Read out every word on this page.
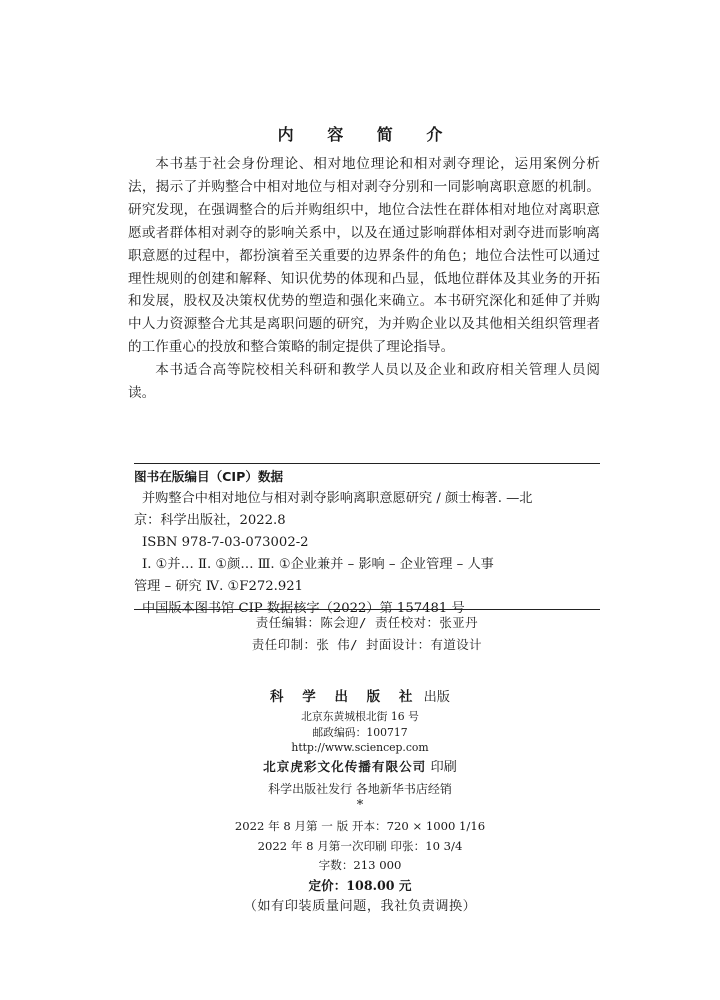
内 容 简 介

本书基于社会身份理论、相对地位理论和相对剥夺理论，运用案例分析法，揭示了并购整合中相对地位与相对剥夺分别和一同影响离职意愿的机制。研究发现，在强调整合的后并购组织中，地位合法性在群体相对地位对离职意愿或者群体相对剥夺的影响关系中，以及在通过影响群体相对剥夺进而影响离职意愿的过程中，都扮演着至关重要的边界条件的角色；地位合法性可以通过理性规则的创建和解释、知识优势的体现和凸显，低地位群体及其业务的开拓和发展，股权及决策权优势的塑造和强化来确立。本书研究深化和延伸了并购中人力资源整合尤其是离职问题的研究，为并购企业以及其他相关组织管理者的工作重心的投放和整合策略的制定提供了理论指导。

本书适合高等院校相关科研和教学人员以及企业和政府相关管理人员阅读。

图书在版编目（CIP）数据
并购整合中相对地位与相对剥夺影响离职意愿研究 / 颜士梅著. —北
京：科学出版社，2022.8
ISBN 978-7-03-073002-2
Ⅰ. ①并… Ⅱ. ①颜… Ⅲ. ①企业兼并 – 影响 – 企业管理 – 人事
管理 – 研究 Ⅳ. ①F272.921
中国版本图书馆 CIP 数据核字（2022）第 157481 号
责任编辑：陈会迎/ 责任校对：张亚丹
责任印制：张 伟/ 封面设计：有道设计
科 学 出 版 社 出版
北京东黄城根北街 16 号
邮政编码：100717
http://www.sciencep.com
北京虎彩文化传播有限公司 印刷
科学出版社发行 各地新华书店经销
*
2022 年 8 月第 一 版 开本：720 × 1000 1/16
2022 年 8 月第一次印刷 印张：10 3/4
字数：213 000
定价：108.00 元
（如有印装质量问题，我社负责调换）
